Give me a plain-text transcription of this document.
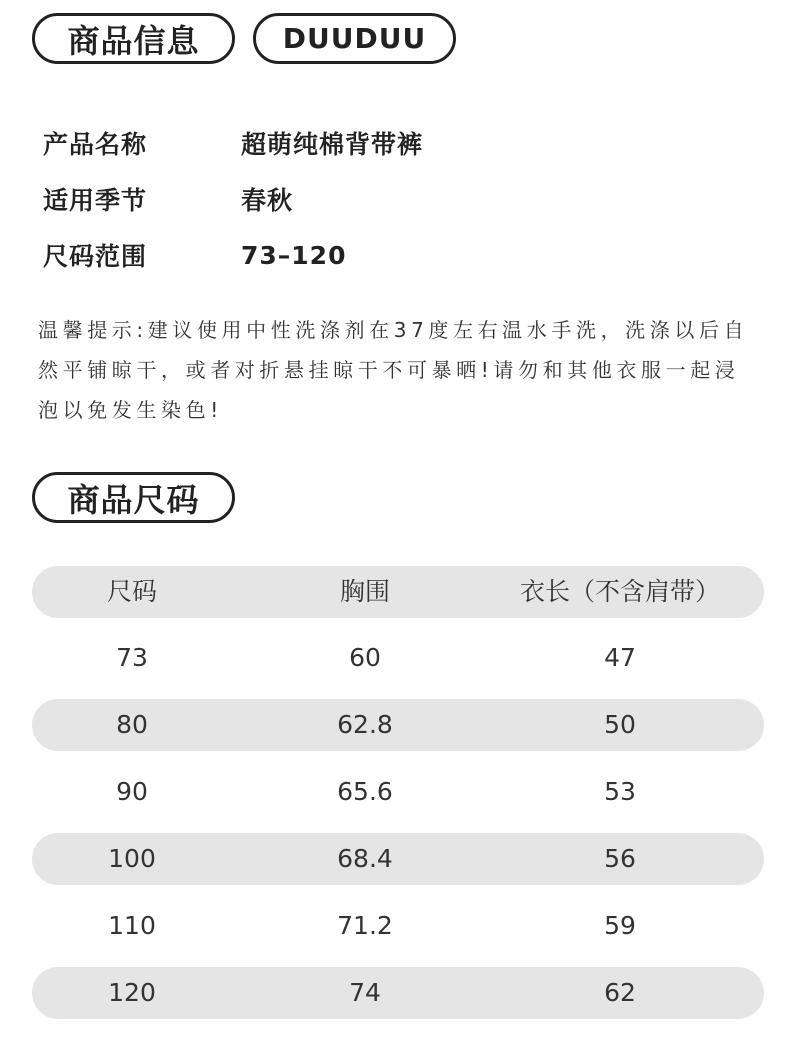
商品信息	DUUDUU
产品名称	超萌纯棉背带裤
适用季节	春秋
尺码范围	73–120
温馨提示:建议使用中性洗涤剂在37度左右温水手洗，洗涤以后自然平铺晾干，或者对折悬挂晾干不可暴晒!请勿和其他衣服一起浸泡以免发生染色!
商品尺码
尺码	胸围	衣长（不含肩带）
73	60	47
80	62.8	50
90	65.6	53
100	68.4	56
110	71.2	59
120	74	62
